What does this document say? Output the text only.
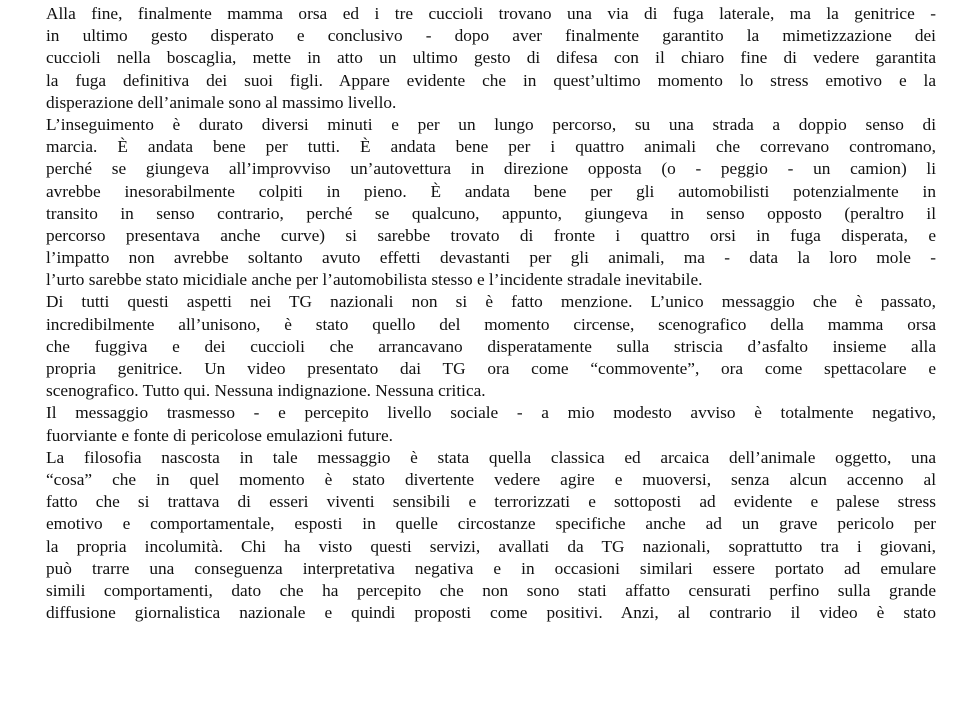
Alla fine, finalmente mamma orsa ed i tre cuccioli trovano una via di fuga laterale, ma la genitrice -
in ultimo gesto disperato e conclusivo - dopo aver finalmente garantito la mimetizzazione dei
cuccioli nella boscaglia, mette in atto un ultimo gesto di difesa con il chiaro fine di vedere garantita
la fuga definitiva dei suoi figli. Appare evidente che in quest’ultimo momento lo stress emotivo e la
disperazione dell’animale sono al massimo livello.
L’inseguimento è durato diversi minuti e per un lungo percorso, su una strada a doppio senso di
marcia. È andata bene per tutti. È andata bene per i quattro animali che correvano contromano,
perché se giungeva all’improvviso un’autovettura in direzione opposta (o - peggio - un camion) li
avrebbe inesorabilmente colpiti in pieno. È andata bene per gli automobilisti potenzialmente in
transito in senso contrario, perché se qualcuno, appunto, giungeva in senso opposto (peraltro il
percorso presentava anche curve) si sarebbe trovato di fronte i quattro orsi in fuga disperata, e
l’impatto non avrebbe soltanto avuto effetti devastanti per gli animali, ma - data la loro mole -
l’urto sarebbe stato micidiale anche per l’automobilista stesso e l’incidente stradale inevitabile.
Di tutti questi aspetti nei TG nazionali non si è fatto menzione. L’unico messaggio che è passato,
incredibilmente all’unisono, è stato quello del momento circense, scenografico della mamma orsa
che fuggiva e dei cuccioli che arrancavano disperatamente sulla striscia d’asfalto insieme alla
propria genitrice. Un video presentato dai TG ora come “commovente”, ora come spettacolare e
scenografico. Tutto qui. Nessuna indignazione. Nessuna critica.
Il messaggio trasmesso - e percepito livello sociale - a mio modesto avviso è totalmente negativo,
fuorviante e fonte di pericolose emulazioni future.
La filosofia nascosta in tale messaggio è stata quella classica ed arcaica dell’animale oggetto, una
“cosa” che in quel momento è stato divertente vedere agire e muoversi, senza alcun accenno al
fatto che si trattava di esseri viventi sensibili e terrorizzati e sottoposti ad evidente e palese stress
emotivo e comportamentale, esposti in quelle circostanze specifiche anche ad un grave pericolo per
la propria incolumità. Chi ha visto questi servizi, avallati da TG nazionali, soprattutto tra i giovani,
può trarre una conseguenza interpretativa negativa e in occasioni similari essere portato ad emulare
simili comportamenti, dato che ha percepito che non sono stati affatto censurati perfino sulla grande
diffusione giornalistica nazionale e quindi proposti come positivi. Anzi, al contrario il video è stato
